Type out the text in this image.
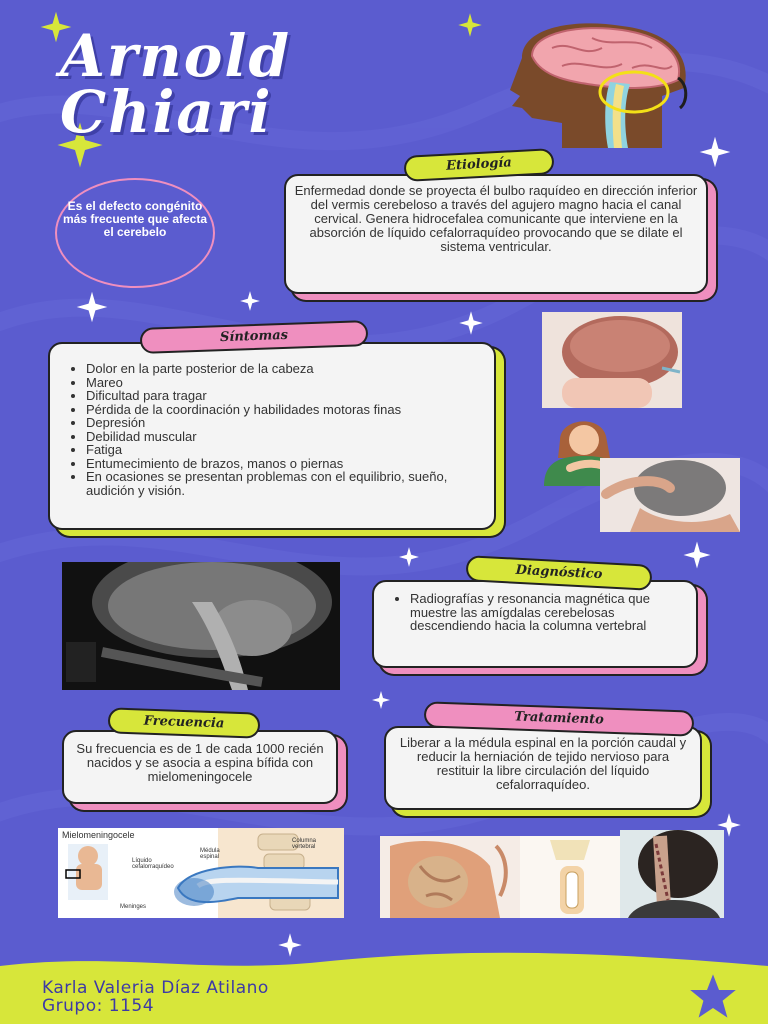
Arnold
Chiari
Es el defecto congénito más frecuente que afecta el cerebelo
Enfermedad donde se proyecta él bulbo raquídeo en dirección inferior del vermis cerebeloso a través del agujero magno hacia el canal cervical. Genera hidrocefalea comunicante que interviene en la absorción de líquido cefalorraquídeo provocando que se dilate el sistema ventricular.
Etiología
• Dolor en la parte posterior de la cabeza
• Mareo
• Dificultad para tragar
• Pérdida de la coordinación y habilidades motoras finas
• Depresión
• Debilidad muscular
• Fatiga
• Entumecimiento de brazos, manos o piernas
• En ocasiones se presentan problemas con el equilibrio, sueño, audición y visión.
Síntomas
• Radiografías y resonancia magnética que muestre las amígdalas cerebelosas descendiendo hacia la columna vertebral
Diagnóstico
Su frecuencia es de 1 de cada 1000 recién nacidos y se asocia a espina bífida con mielomeningocele
Frecuencia
Liberar a la médula espinal en la porción caudal y reducir la herniación de tejido nervioso para restituir la libre circulación del líquido cefalorraquídeo.
Tratamiento
Mielomeningocele
Médula espinal
Líquido cefalorraquídeo
Columna vertebral
Meninges
Karla Valeria Díaz Atilano
Grupo: 1154
